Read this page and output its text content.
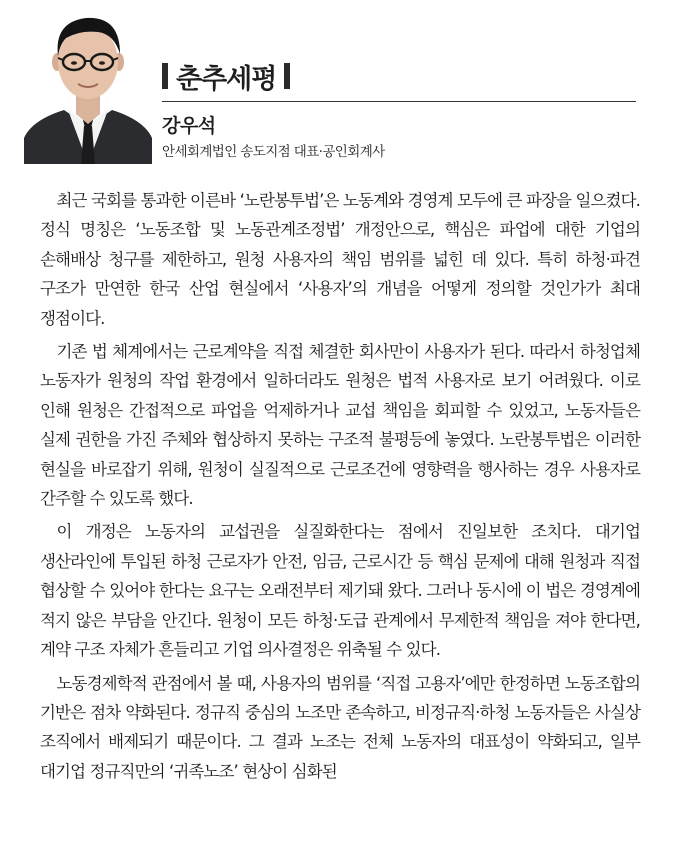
춘추세평
강우석
안세회계법인 송도지점 대표·공인회계사

최근 국회를 통과한 이른바 ‘노란봉투법’은 노동계와 경영계 모두에 큰 파장을 일으켰다. 정식 명칭은 ‘노동조합 및 노동관계조정법’ 개정안으로, 핵심은 파업에 대한 기업의 손해배상 청구를 제한하고, 원청 사용자의 책임 범위를 넓힌 데 있다. 특히 하청·파견 구조가 만연한 한국 산업 현실에서 ‘사용자’의 개념을 어떻게 정의할 것인가가 최대 쟁점이다.

기존 법 체계에서는 근로계약을 직접 체결한 회사만이 사용자가 된다. 따라서 하청업체 노동자가 원청의 작업 환경에서 일하더라도 원청은 법적 사용자로 보기 어려웠다. 이로 인해 원청은 간접적으로 파업을 억제하거나 교섭 책임을 회피할 수 있었고, 노동자들은 실제 권한을 가진 주체와 협상하지 못하는 구조적 불평등에 놓였다. 노란봉투법은 이러한 현실을 바로잡기 위해, 원청이 실질적으로 근로조건에 영향력을 행사하는 경우 사용자로 간주할 수 있도록 했다.

이 개정은 노동자의 교섭권을 실질화한다는 점에서 진일보한 조치다. 대기업 생산라인에 투입된 하청 근로자가 안전, 임금, 근로시간 등 핵심 문제에 대해 원청과 직접 협상할 수 있어야 한다는 요구는 오래전부터 제기돼 왔다. 그러나 동시에 이 법은 경영계에 적지 않은 부담을 안긴다. 원청이 모든 하청·도급 관계에서 무제한적 책임을 져야 한다면, 계약 구조 자체가 흔들리고 기업 의사결정은 위축될 수 있다.

노동경제학적 관점에서 볼 때, 사용자의 범위를 ‘직접 고용자’에만 한정하면 노동조합의 기반은 점차 약화된다. 정규직 중심의 노조만 존속하고, 비정규직·하청 노동자들은 사실상 조직에서 배제되기 때문이다. 그 결과 노조는 전체 노동자의 대표성이 약화되고, 일부 대기업 정규직만의 ‘귀족노조’ 현상이 심화된
